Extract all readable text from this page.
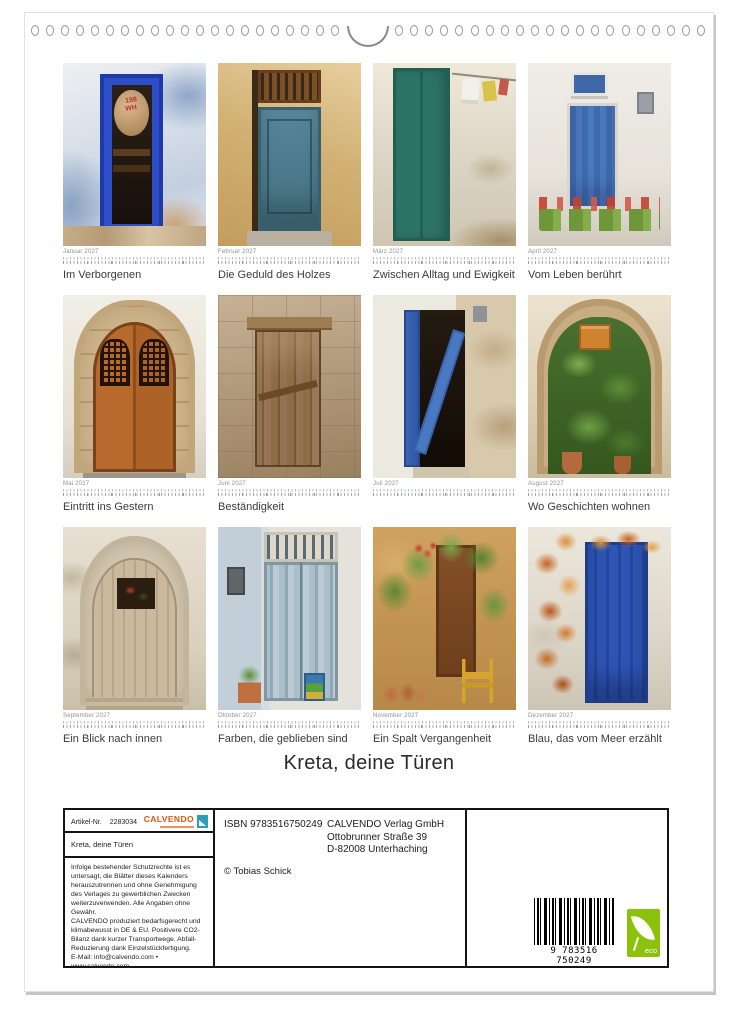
198
WH
Januar 2027
Im Verborgenen
Februar 2027
Die Geduld des Holzes
März 2027
Zwischen Alltag und Ewigkeit
April 2027
Vom Leben berührt
Mai 2027
Eintritt ins Gestern
Juni 2027
Beständigkeit
Juli 2027	August 2027
Wo Geschichten wohnen
September 2027
Ein Blick nach innen
Oktober 2027
Farben, die geblieben sind
November 2027
Ein Spalt Vergangenheit
Dezember 2027
Blau, das vom Meer erzählt
Kreta, deine Türen
Artikel-Nr. 2283034 CALVENDO
Kreta, deine Türen
Infolge bestehender Schutzrechte ist es untersagt, die Blätter dieses Kalenders herauszutrennen und ohne Genehmigung des Verlages zu gewerblichen Zwecken weiterzuverwenden. Alle Angaben ohne Gewähr.
CALVENDO produziert bedarfsgerecht und klimabewusst in DE & EU. Positivere CO2-Bilanz dank kurzer Transportwege. Abfall-Reduzierung dank Einzelstückfertigung.
E-Mail: info@calvendo.com •
www.calvendo.com
ISBN 9783516750249 CALVENDO Verlag GmbH
Ottobrunner Straße 39
D-82008 Unterhaching
© Tobias Schick
9 783516 750249
eco
